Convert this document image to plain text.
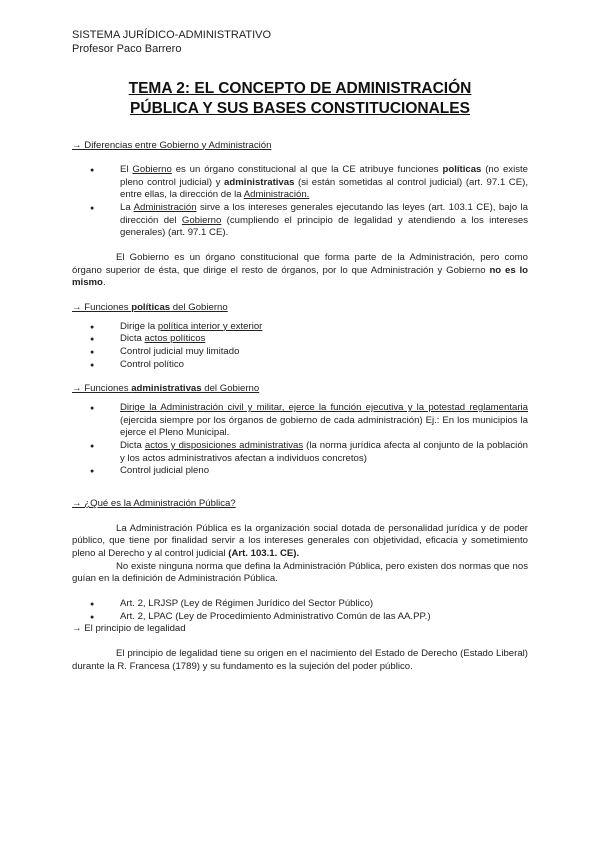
SISTEMA JURÍDICO-ADMINISTRATIVO
Profesor Paco Barrero
TEMA 2: EL CONCEPTO DE ADMINISTRACIÓN
PÚBLICA Y SUS BASES CONSTITUCIONALES
→ Diferencias entre Gobierno y Administración
● El Gobierno es un órgano constitucional al que la CE atribuye funciones políticas (no existe pleno control judicial) y administrativas (si están sometidas al control judicial) (art. 97.1 CE), entre ellas, la dirección de la Administración.
● La Administración sirve a los intereses generales ejecutando las leyes (art. 103.1 CE), bajo la dirección del Gobierno (cumpliendo el principio de legalidad y atendiendo a los intereses generales) (art. 97.1 CE).

El Gobierno es un órgano constitucional que forma parte de la Administración, pero como órgano superior de ésta, que dirige el resto de órganos, por lo que Administración y Gobierno no es lo mismo.

→ Funciones políticas del Gobierno
● Dirige la política interior y exterior
● Dicta actos políticos
● Control judicial muy limitado
● Control político
→ Funciones administrativas del Gobierno
● Dirige la Administración civil y militar, ejerce la función ejecutiva y la potestad reglamentaria (ejercida siempre por los órganos de gobierno de cada administración) Ej.: En los municipios la ejerce el Pleno Municipal.
● Dicta actos y disposiciones administrativas (la norma jurídica afecta al conjunto de la población y los actos administrativos afectan a individuos concretos)
● Control judicial pleno
→ ¿Qué es la Administración Pública?

La Administración Pública es la organización social dotada de personalidad jurídica y de poder público, que tiene por finalidad servir a los intereses generales con objetividad, eficacia y sometimiento pleno al Derecho y al control judicial (Art. 103.1. CE).

No existe ninguna norma que defina la Administración Pública, pero existen dos normas que nos guían en la definición de Administración Pública.

● Art. 2, LRJSP (Ley de Régimen Jurídico del Sector Público)
● Art. 2, LPAC (Ley de Procedimiento Administrativo Común de las AA.PP.)
→ El principio de legalidad

El principio de legalidad tiene su origen en el nacimiento del Estado de Derecho (Estado Liberal) durante la R. Francesa (1789) y su fundamento es la sujeción del poder público.
